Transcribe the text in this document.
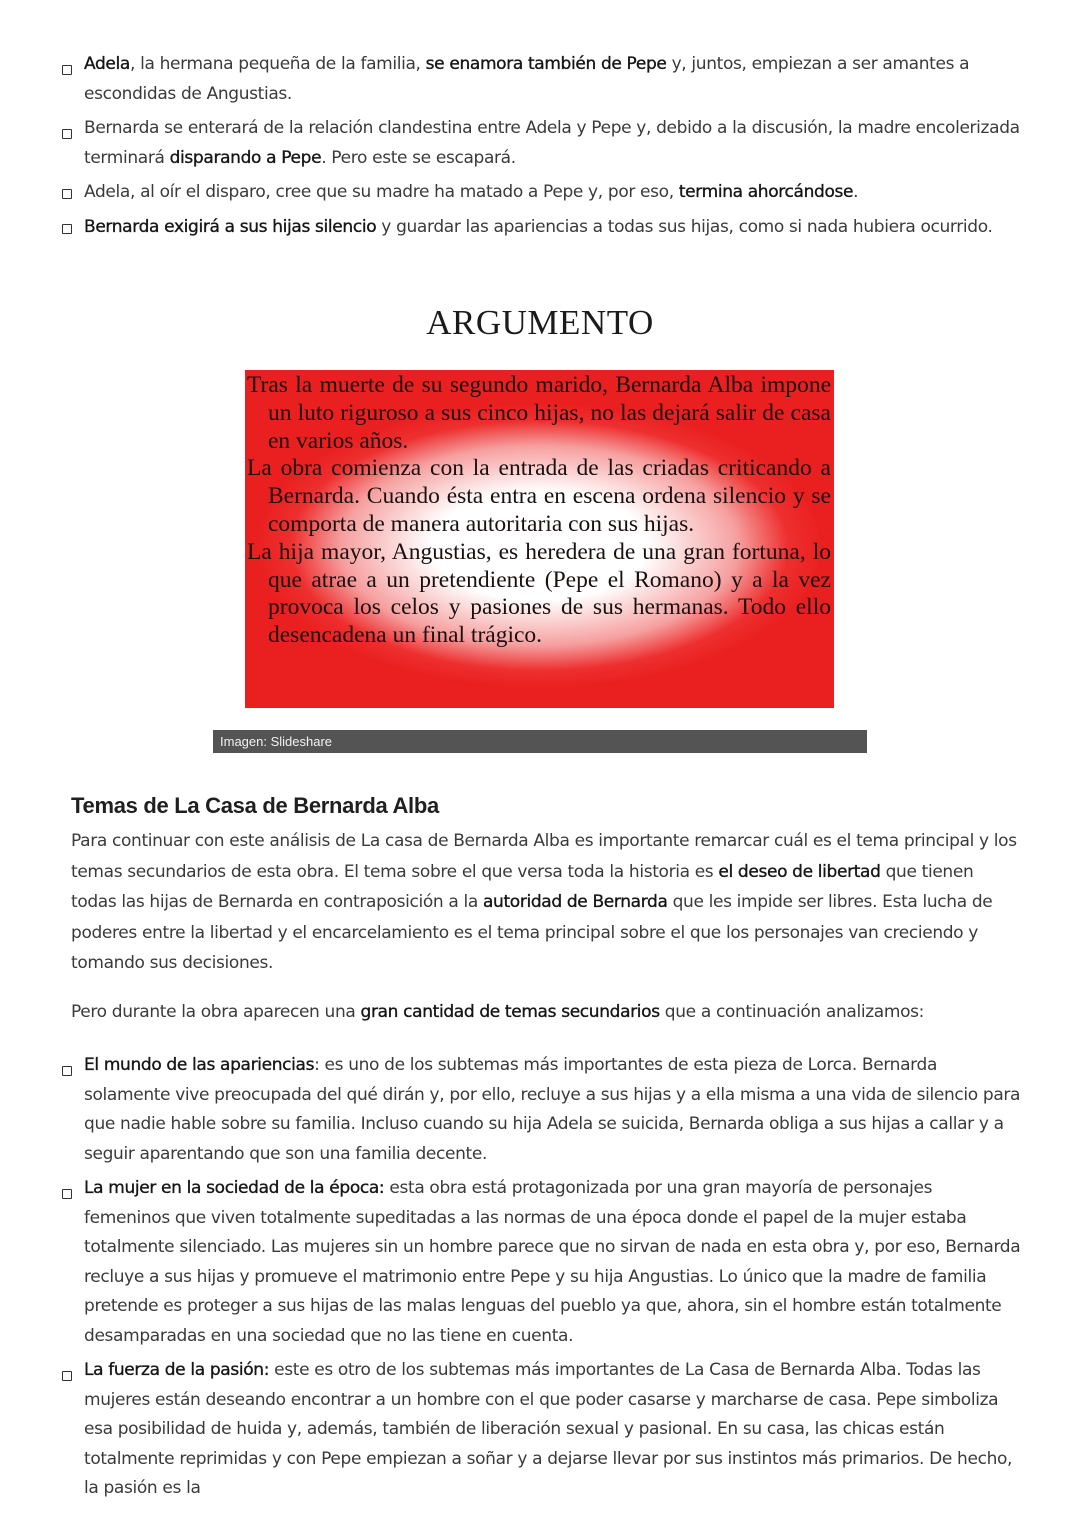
Adela, la hermana pequeña de la familia, se enamora también de Pepe y, juntos, empiezan a ser amantes a escondidas de Angustias.
Bernarda se enterará de la relación clandestina entre Adela y Pepe y, debido a la discusión, la madre encolerizada terminará disparando a Pepe. Pero este se escapará.
Adela, al oír el disparo, cree que su madre ha matado a Pepe y, por eso, termina ahorcándose.
Bernarda exigirá a sus hijas silencio y guardar las apariencias a todas sus hijas, como si nada hubiera ocurrido.
ARGUMENTO

Tras la muerte de su segundo marido, Bernarda Alba impone un luto riguroso a sus cinco hijas, no las dejará salir de casa en varios años.

La obra comienza con la entrada de las criadas criticando a Bernarda. Cuando ésta entra en escena ordena silencio y se comporta de manera autoritaria con sus hijas.

La hija mayor, Angustias, es heredera de una gran fortuna, lo que atrae a un pretendiente (Pepe el Romano) y a la vez provoca los celos y pasiones de sus hermanas. Todo ello desencadena un final trágico.

Imagen: Slideshare
Temas de La Casa de Bernarda Alba

Para continuar con este análisis de La casa de Bernarda Alba es importante remarcar cuál es el tema principal y los temas secundarios de esta obra. El tema sobre el que versa toda la historia es el deseo de libertad que tienen todas las hijas de Bernarda en contraposición a la autoridad de Bernarda que les impide ser libres. Esta lucha de poderes entre la libertad y el encarcelamiento es el tema principal sobre el que los personajes van creciendo y tomando sus decisiones.

Pero durante la obra aparecen una gran cantidad de temas secundarios que a continuación analizamos:

El mundo de las apariencias: es uno de los subtemas más importantes de esta pieza de Lorca. Bernarda solamente vive preocupada del qué dirán y, por ello, recluye a sus hijas y a ella misma a una vida de silencio para que nadie hable sobre su familia. Incluso cuando su hija Adela se suicida, Bernarda obliga a sus hijas a callar y a seguir aparentando que son una familia decente.
La mujer en la sociedad de la época: esta obra está protagonizada por una gran mayoría de personajes femeninos que viven totalmente supeditadas a las normas de una época donde el papel de la mujer estaba totalmente silenciado. Las mujeres sin un hombre parece que no sirvan de nada en esta obra y, por eso, Bernarda recluye a sus hijas y promueve el matrimonio entre Pepe y su hija Angustias. Lo único que la madre de familia pretende es proteger a sus hijas de las malas lenguas del pueblo ya que, ahora, sin el hombre están totalmente desamparadas en una sociedad que no las tiene en cuenta.
La fuerza de la pasión: este es otro de los subtemas más importantes de La Casa de Bernarda Alba. Todas las mujeres están deseando encontrar a un hombre con el que poder casarse y marcharse de casa. Pepe simboliza esa posibilidad de huida y, además, también de liberación sexual y pasional. En su casa, las chicas están totalmente reprimidas y con Pepe empiezan a soñar y a dejarse llevar por sus instintos más primarios. De hecho, la pasión es la
